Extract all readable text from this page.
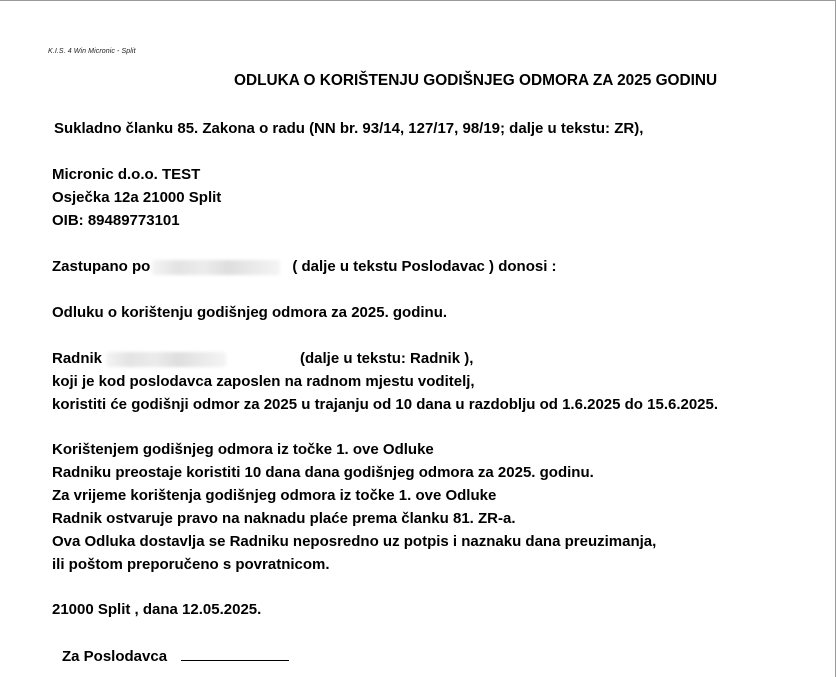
K.I.S. 4 Win Micronic - Split
ODLUKA O KORIŠTENJU GODIŠNJEG ODMORA ZA 2025 GODINU
Sukladno članku 85. Zakona o radu (NN br. 93/14, 127/17, 98/19; dalje u tekstu: ZR),
Micronic d.o.o. TEST
Osječka 12a 21000 Split
OIB: 89489773101
Zastupano po	( dalje u tekstu Poslodavac ) donosi :
Odluku o korištenju godišnjeg odmora za 2025. godinu.
Radnik	(dalje u tekstu: Radnik ),
koji je kod poslodavca zaposlen na radnom mjestu voditelj,
koristiti će godišnji odmor za 2025 u trajanju od 10 dana u razdoblju od 1.6.2025 do 15.6.2025.
Korištenjem godišnjeg odmora iz točke 1. ove Odluke
Radniku preostaje koristiti 10 dana dana godišnjeg odmora za 2025. godinu.
Za vrijeme korištenja godišnjeg odmora iz točke 1. ove Odluke
Radnik ostvaruje pravo na naknadu plaće prema članku 81. ZR-a.
Ova Odluka dostavlja se Radniku neposredno uz potpis i naznaku dana preuzimanja,
ili poštom preporučeno s povratnicom.
21000 Split , dana 12.05.2025.
Za Poslodavca
